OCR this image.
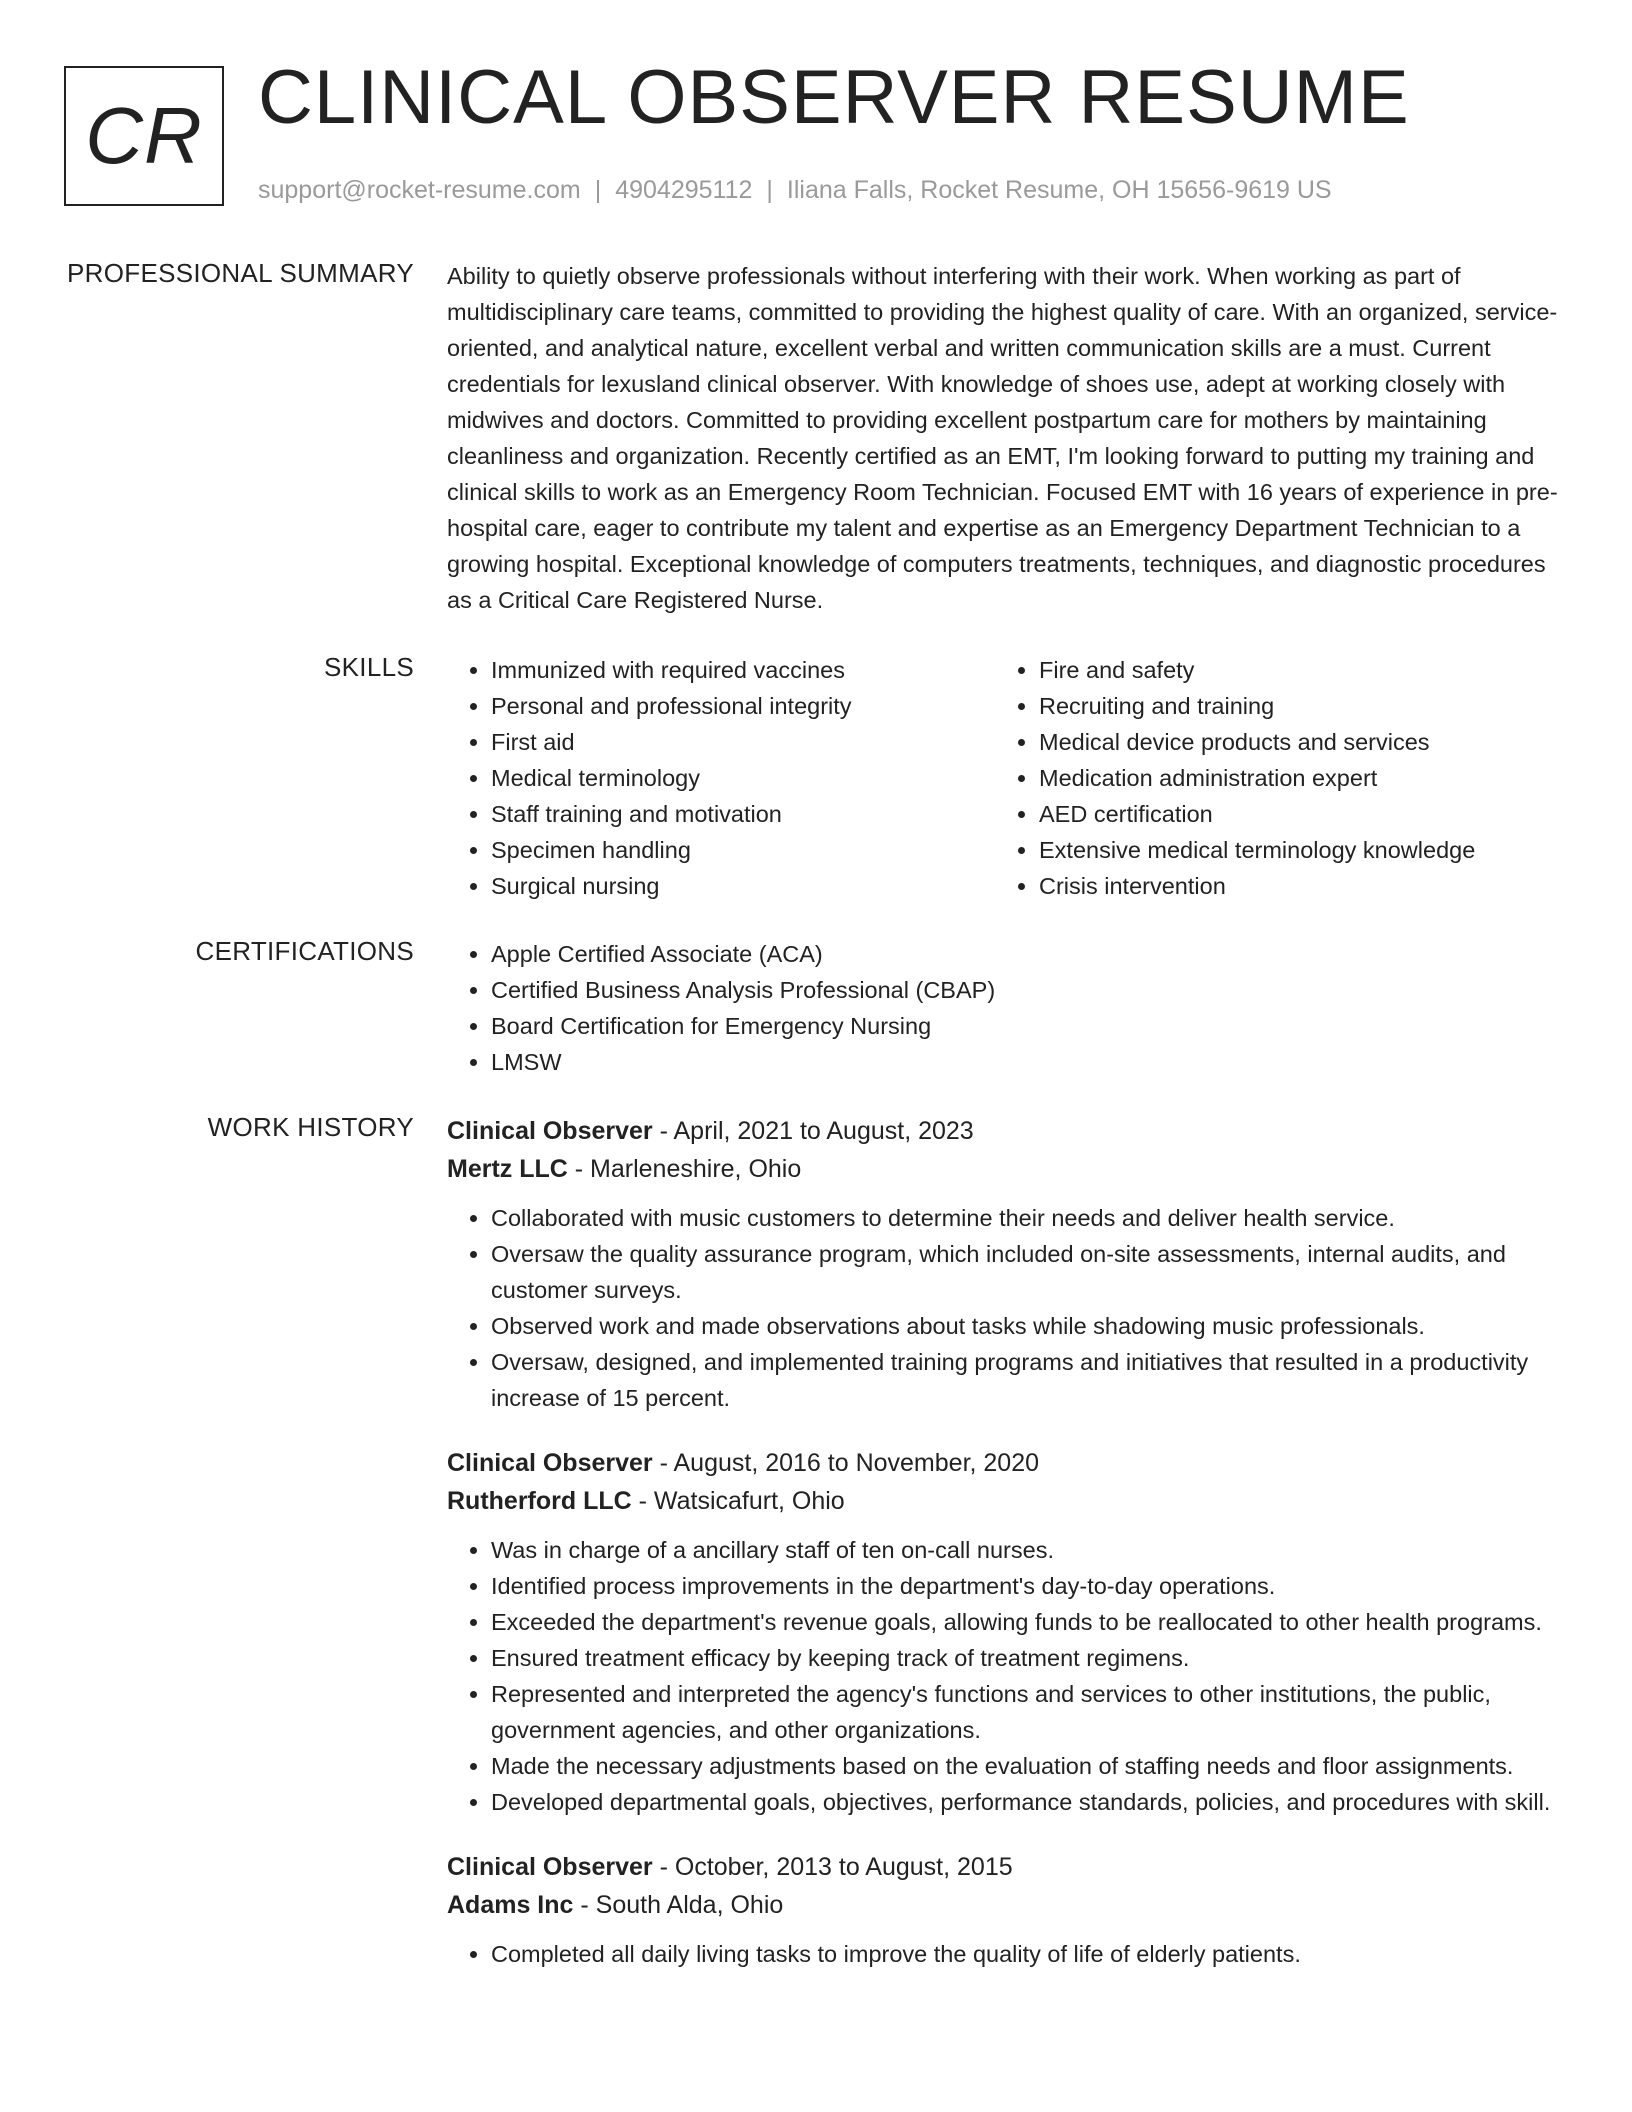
CR CLINICAL OBSERVER RESUME
support@rocket-resume.com | 4904295112 | Iliana Falls, Rocket Resume, OH 15656-9619 US
PROFESSIONAL SUMMARY Ability to quietly observe professionals without interfering with their work. When working as part of multidisciplinary care teams, committed to providing the highest quality of care. With an organized, service-oriented, and analytical nature, excellent verbal and written communication skills are a must. Current credentials for lexusland clinical observer. With knowledge of shoes use, adept at working closely with midwives and doctors. Committed to providing excellent postpartum care for mothers by maintaining cleanliness and organization. Recently certified as an EMT, I'm looking forward to putting my training and clinical skills to work as an Emergency Room Technician. Focused EMT with 16 years of experience in pre-hospital care, eager to contribute my talent and expertise as an Emergency Department Technician to a growing hospital. Exceptional knowledge of computers treatments, techniques, and diagnostic procedures as a Critical Care Registered Nurse.

SKILLS	• Immunized with required vaccines
• Personal and professional integrity
• First aid
• Medical terminology
• Staff training and motivation
• Specimen handling
• Surgical nursing
• Fire and safety
• Recruiting and training
• Medical device products and services
• Medication administration expert
• AED certification
• Extensive medical terminology knowledge
• Crisis intervention
CERTIFICATIONS	• Apple Certified Associate (ACA)
• Certified Business Analysis Professional (CBAP)
• Board Certification for Emergency Nursing
• LMSW
WORK HISTORY Clinical Observer - April, 2021 to August, 2023
Mertz LLC - Marleneshire, Ohio
• Collaborated with music customers to determine their needs and deliver health service.
• Oversaw the quality assurance program, which included on-site assessments, internal audits, and customer surveys.
• Observed work and made observations about tasks while shadowing music professionals.
• Oversaw, designed, and implemented training programs and initiatives that resulted in a productivity increase of 15 percent.
Clinical Observer - August, 2016 to November, 2020
Rutherford LLC - Watsicafurt, Ohio
• Was in charge of a ancillary staff of ten on-call nurses.
• Identified process improvements in the department's day-to-day operations.
• Exceeded the department's revenue goals, allowing funds to be reallocated to other health programs.
• Ensured treatment efficacy by keeping track of treatment regimens.
• Represented and interpreted the agency's functions and services to other institutions, the public, government agencies, and other organizations.
• Made the necessary adjustments based on the evaluation of staffing needs and floor assignments.
• Developed departmental goals, objectives, performance standards, policies, and procedures with skill.
Clinical Observer - October, 2013 to August, 2015
Adams Inc - South Alda, Ohio
• Completed all daily living tasks to improve the quality of life of elderly patients.
